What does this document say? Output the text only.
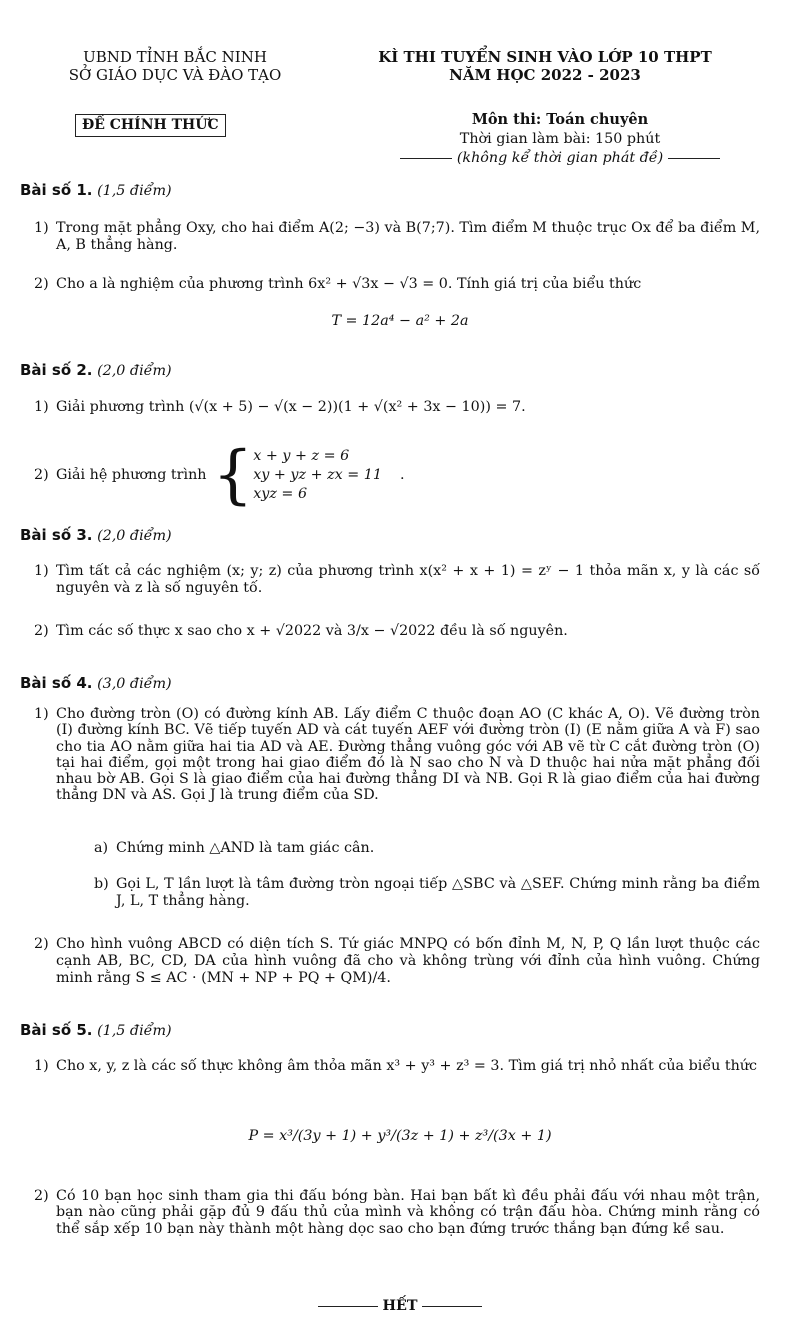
UBND TỈNH BẮC NINH
SỞ GIÁO DỤC VÀ ĐÀO TẠO
KÌ THI TUYỂN SINH VÀO LỚP 10 THPT
NĂM HỌC 2022 - 2023
ĐỀ CHÍNH THỨC	Môn thi: Toán chuyên
Thời gian làm bài: 150 phút
(không kể thời gian phát đề)
Bài số 1. (1,5 điểm)
1) Trong mặt phẳng Oxy, cho hai điểm A(2; −3) và B(7;7). Tìm điểm M thuộc trục Ox để ba điểm M, A, B thẳng hàng.
2) Cho a là nghiệm của phương trình 6x² + √3x − √3 = 0. Tính giá trị của biểu thức
T = 12a⁴ − a² + 2a
Bài số 2. (2,0 điểm)
1) Giải phương trình (√(x + 5) − √(x − 2))(1 + √(x² + 3x − 10)) = 7.
2) Giải hệ phương trình { x + y + z = 6
xy + yz + zx = 11
xyz = 6
.
Bài số 3. (2,0 điểm)
1) Tìm tất cả các nghiệm (x; y; z) của phương trình x(x² + x + 1) = zʸ − 1 thỏa mãn x, y là các số nguyên và z là số nguyên tố.
2) Tìm các số thực x sao cho x + √2022 và 3/x − √2022 đều là số nguyên.
Bài số 4. (3,0 điểm)
1) Cho đường tròn (O) có đường kính AB. Lấy điểm C thuộc đoạn AO (C khác A, O). Vẽ đường tròn (I) đường kính BC. Vẽ tiếp tuyến AD và cát tuyến AEF với đường tròn (I) (E nằm giữa A và F) sao cho tia AO nằm giữa hai tia AD và AE. Đường thẳng vuông góc với AB vẽ từ C cắt đường tròn (O) tại hai điểm, gọi một trong hai giao điểm đó là N sao cho N và D thuộc hai nửa mặt phẳng đối nhau bờ AB. Gọi S là giao điểm của hai đường thẳng DI và NB. Gọi R là giao điểm của hai đường thẳng DN và AS. Gọi J là trung điểm của SD.
a) Chứng minh △AND là tam giác cân.
b) Gọi L, T lần lượt là tâm đường tròn ngoại tiếp △SBC và △SEF. Chứng minh rằng ba điểm J, L, T thẳng hàng.
2) Cho hình vuông ABCD có diện tích S. Tứ giác MNPQ có bốn đỉnh M, N, P, Q lần lượt thuộc các cạnh AB, BC, CD, DA của hình vuông đã cho và không trùng với đỉnh của hình vuông. Chứng minh rằng S ≤ AC · (MN + NP + PQ + QM)/4.
Bài số 5. (1,5 điểm)
1) Cho x, y, z là các số thực không âm thỏa mãn x³ + y³ + z³ = 3. Tìm giá trị nhỏ nhất của biểu thức
P = x³/(3y + 1) + y³/(3z + 1) + z³/(3x + 1)
2) Có 10 bạn học sinh tham gia thi đấu bóng bàn. Hai bạn bất kì đều phải đấu với nhau một trận, bạn nào cũng phải gặp đủ 9 đấu thủ của mình và không có trận đấu hòa. Chứng minh rằng có thể sắp xếp 10 bạn này thành một hàng dọc sao cho bạn đứng trước thắng bạn đứng kề sau.
HẾT
